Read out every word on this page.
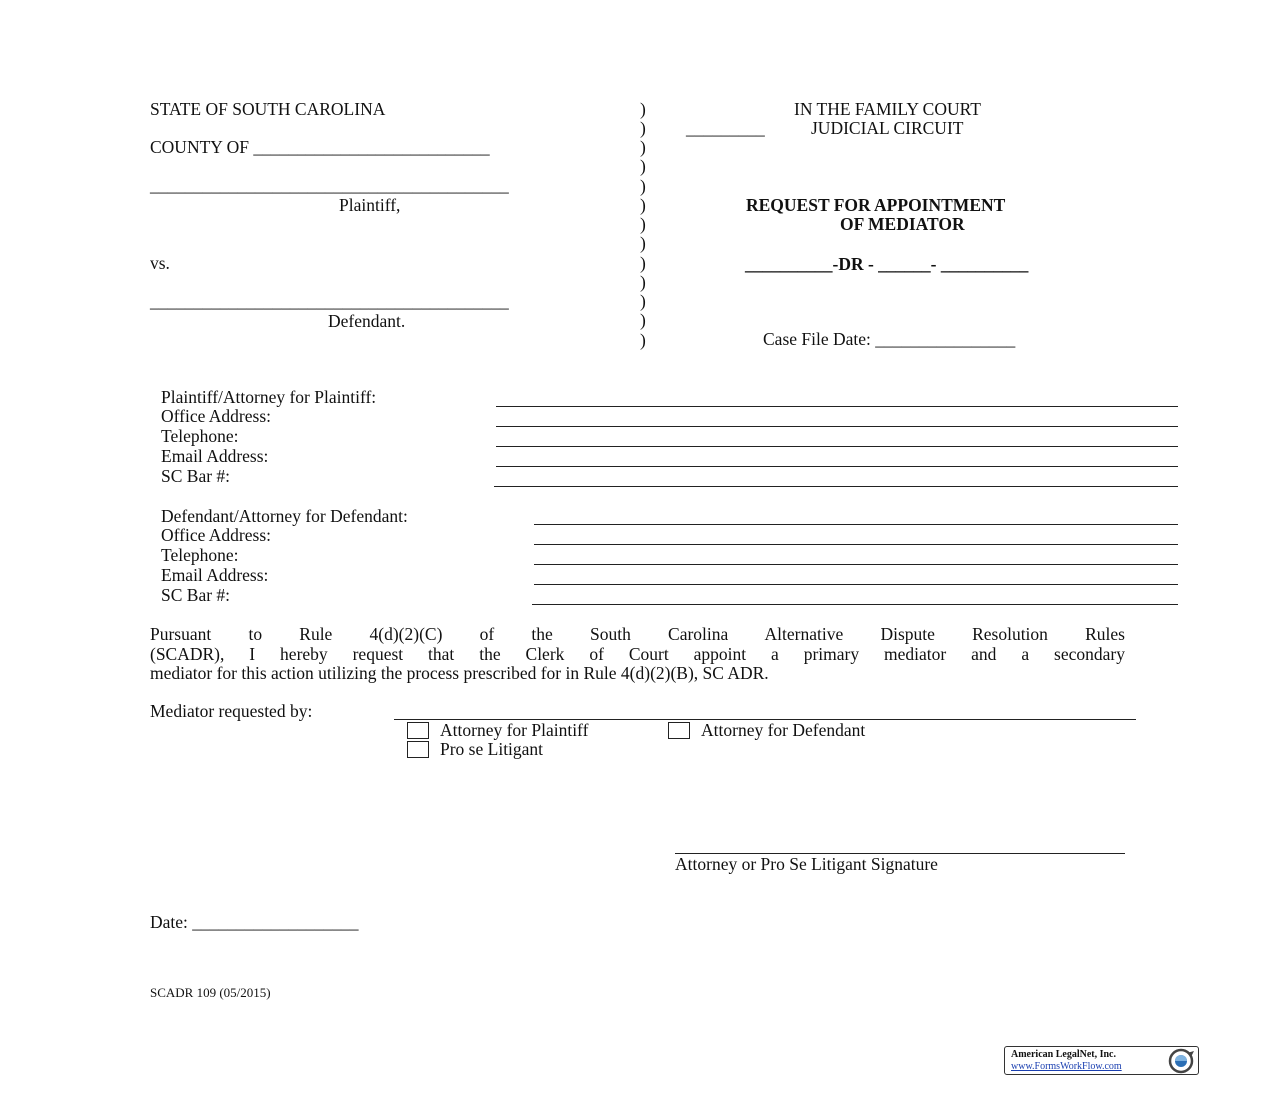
STATE OF SOUTH CAROLINA
COUNTY OF ___________________________
_________________________________________
Plaintiff,
vs.
_________________________________________
Defendant.
)
)
)
)
)
)
)
)
)
)
)
)
)
IN THE FAMILY COURT
_________	JUDICIAL CIRCUIT
REQUEST FOR APPOINTMENT
OF MEDIATOR
__________-DR - ______- __________
Case File Date: ________________
Plaintiff/Attorney for Plaintiff:
Office Address:
Telephone:
Email Address:
SC Bar #:
Defendant/Attorney for Defendant:
Office Address:
Telephone:
Email Address:
SC Bar #:
Pursuant to Rule 4(d)(2)(C) of the South Carolina Alternative Dispute Resolution Rules
(SCADR), I hereby request that the Clerk of Court appoint a primary mediator and a secondary
mediator for this action utilizing the process prescribed for in Rule 4(d)(2)(B), SC ADR.
Mediator requested by:
Attorney for Plaintiff	Attorney for Defendant
Pro se Litigant
Attorney or Pro Se Litigant Signature
Date: ___________________
SCADR 109 (05/2015)
American LegalNet, Inc.
www.FormsWorkFlow.com
